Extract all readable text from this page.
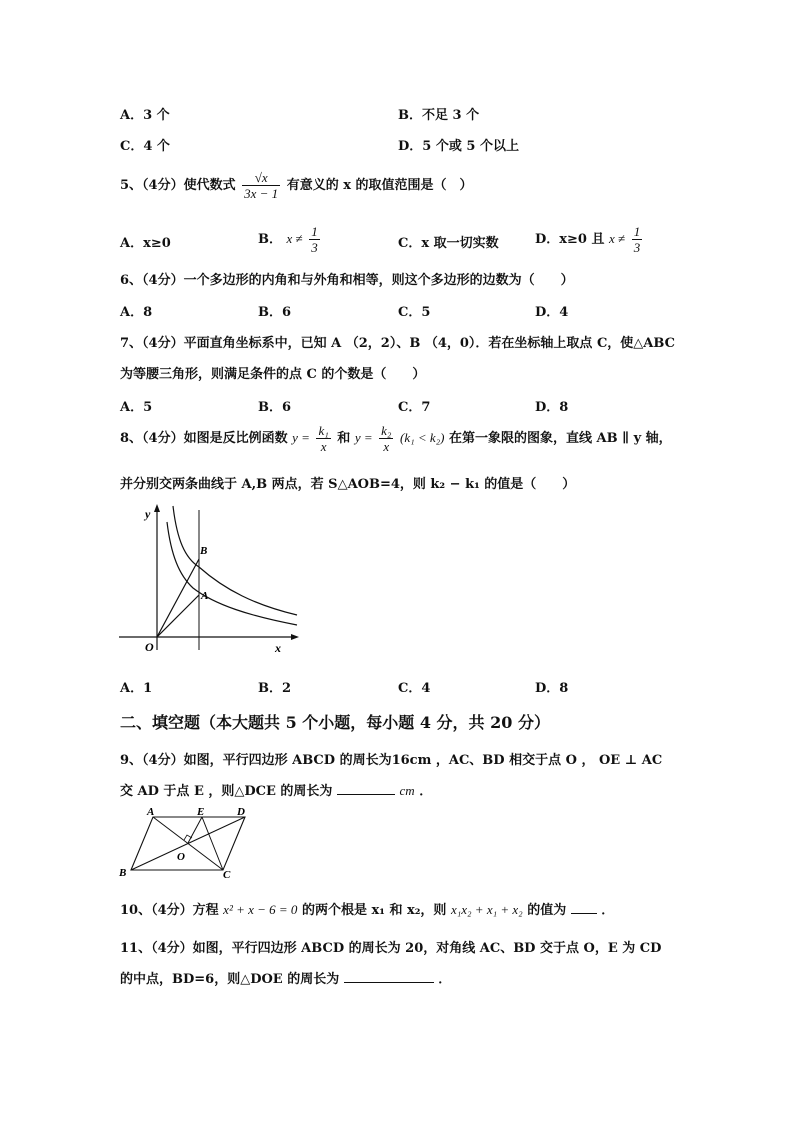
A．3 个	B．不足 3 个
C．4 个	D．5 个或 5 个以上
5、（4分）使代数式 $\frac{√x}{3x - 1}$ 有意义的 x 的取值范围是（　）
A．x≥0	B． $x \ne \frac{1}{3}$	C．x 取一切实数	D．x≥0 且 $x \ne \frac{1}{3}$
6、（4分）一个多边形的内角和与外角和相等，则这个多边形的边数为（　　）
A．8	B．6	C．5	D．4
7、（4分）平面直角坐标系中，已知 A （2，2）、B （4，0）．若在坐标轴上取点 C，使△ABC
为等腰三角形，则满足条件的点 C 的个数是（　　）
A．5	B．6	C．7	D．8
8、（4分）如图是反比例函数 $y = \frac{\text{k₁}}{x}$ 和 $y = \frac{\text{k₂}}{x} (k_1 < k_2)$ 在第一象限的图象，直线 AB ∥ y 轴，
并分别交两条曲线于 A,B 两点，若 S△AOB=4，则 k₂ − k₁ 的值是（　　）
y
x
O
B
A
A．1	B．2	C．4	D．8
二、填空题（本大题共 5 个小题，每小题 4 分，共 20 分）
9、（4分）如图，平行四边形 ABCD 的周长为16cm ，AC、BD 相交于点 O ， OE ⊥ AC
交 AD 于点 E ，则△DCE 的周长为	cm ．
A	E	D
B	C
O
10、（4分）方程 x² + x − 6 = 0 的两个根是 x₁ 和 x₂，则 x₁x₂ + x₁ + x₂ 的值为	．
11、（4分）如图，平行四边形 ABCD 的周长为 20，对角线 AC、BD 交于点 O，E 为 CD
的中点，BD=6，则△DOE 的周长为	．
